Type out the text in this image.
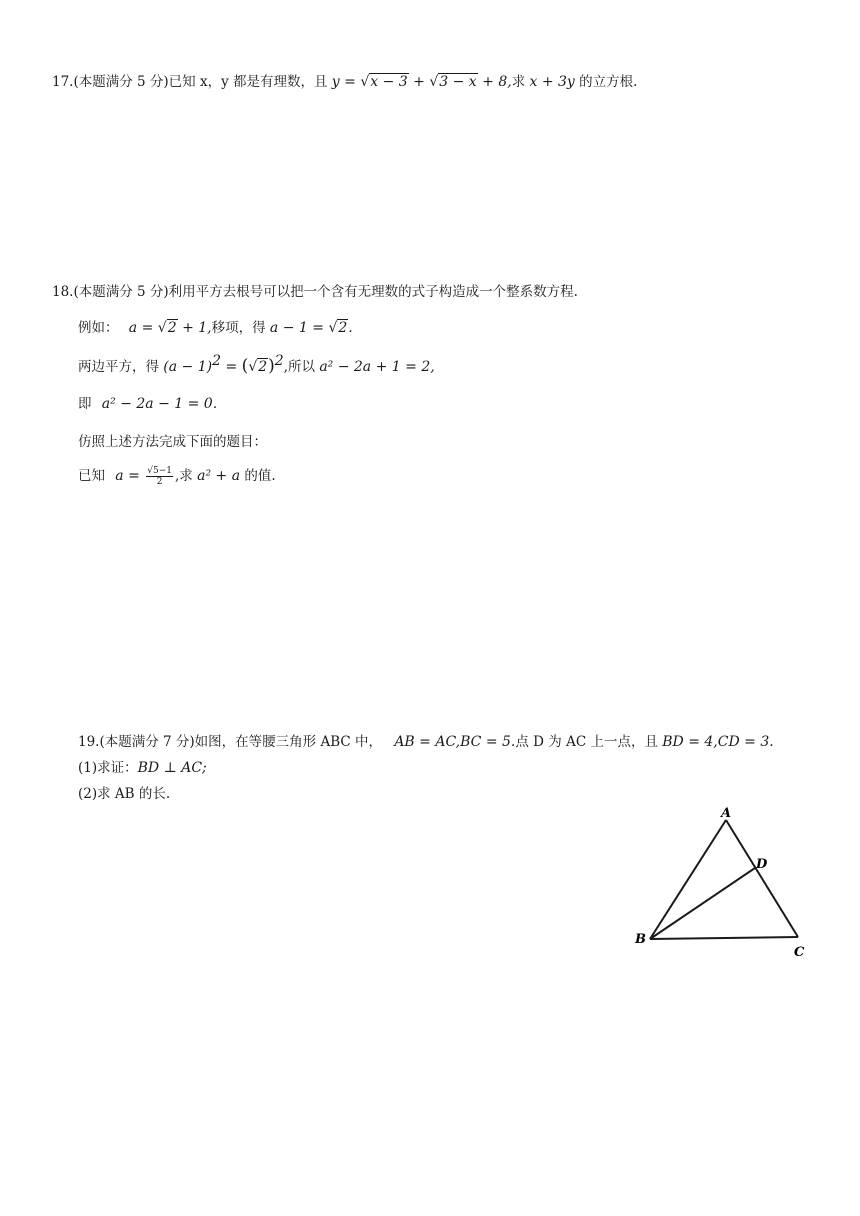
17.(本题满分 5 分)已知 x，y 都是有理数，且 y = √x − 3 + √3 − x + 8,求 x + 3y 的立方根.
18.(本题满分 5 分)利用平方去根号可以把一个含有无理数的式子构造成一个整系数方程.
例如： a = √2 + 1,移项，得 a − 1 = √2.
两边平方，得 $(a - 1)^2 = (√2)^2$,所以 a² − 2a + 1 = 2,
即 a² − 2a − 1 = 0.
仿照上述方法完成下面的题目：
已知 $a = \frac{√5-1}{2}$ ,求 a² + a 的值.
19.(本题满分 7 分)如图，在等腰三角形 ABC 中， AB = AC,BC = 5.点 D 为 AC 上一点，且 BD = 4,CD = 3.
(1)求证：BD ⊥ AC;
(2)求 AB 的长.
A
B
C
D
